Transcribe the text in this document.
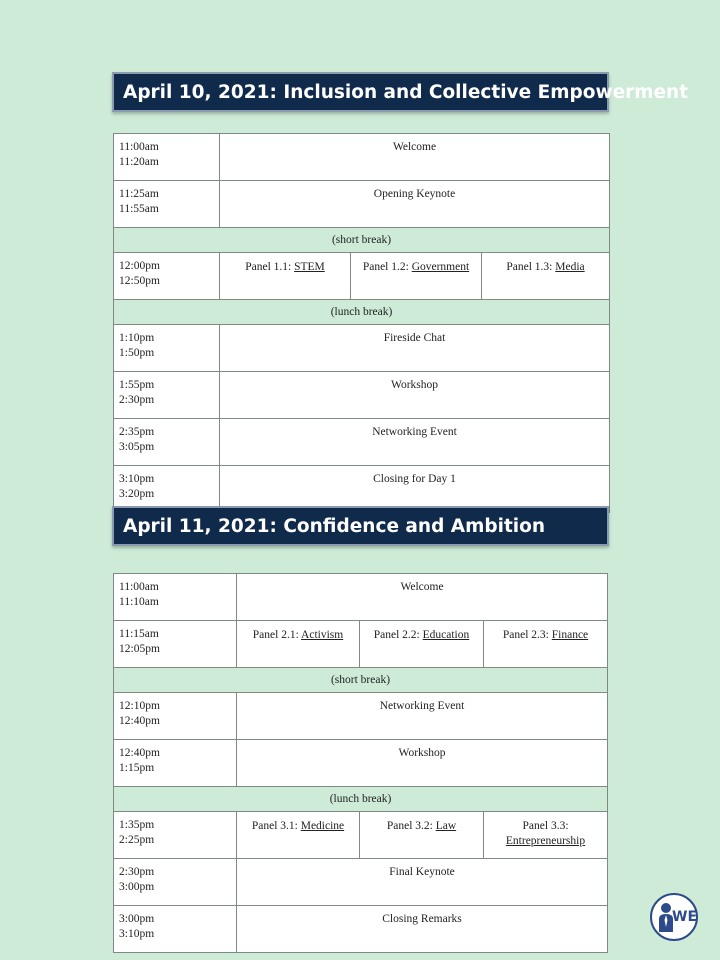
April 10, 2021: Inclusion and Collective Empowerment
11:00am
11:20am	Welcome		

11:25am
11:55am	Opening Keynote		
(short break)			

12:00pm
12:50pm	Panel 1.1: STEM	Panel 1.2: Government	Panel 1.3: Media
(lunch break)			

1:10pm
1:50pm	Fireside Chat		

1:55pm
2:30pm	Workshop		

2:35pm
3:05pm	Networking Event		

3:10pm
3:20pm	Closing for Day 1		
April 11, 2021: Confidence and Ambition
11:00am
11:10am	Welcome		

11:15am
12:05pm	Panel 2.1: Activism	Panel 2.2: Education	Panel 2.3: Finance
(short break)			

12:10pm
12:40pm	Networking Event		

12:40pm
1:15pm	Workshop		
(lunch break)			

1:35pm
2:25pm	Panel 3.1: Medicine	Panel 3.2: Law	Panel 3.3:
Entrepreneurship

2:30pm
3:00pm	Final Keynote		

3:00pm
3:10pm	Closing Remarks			WE
